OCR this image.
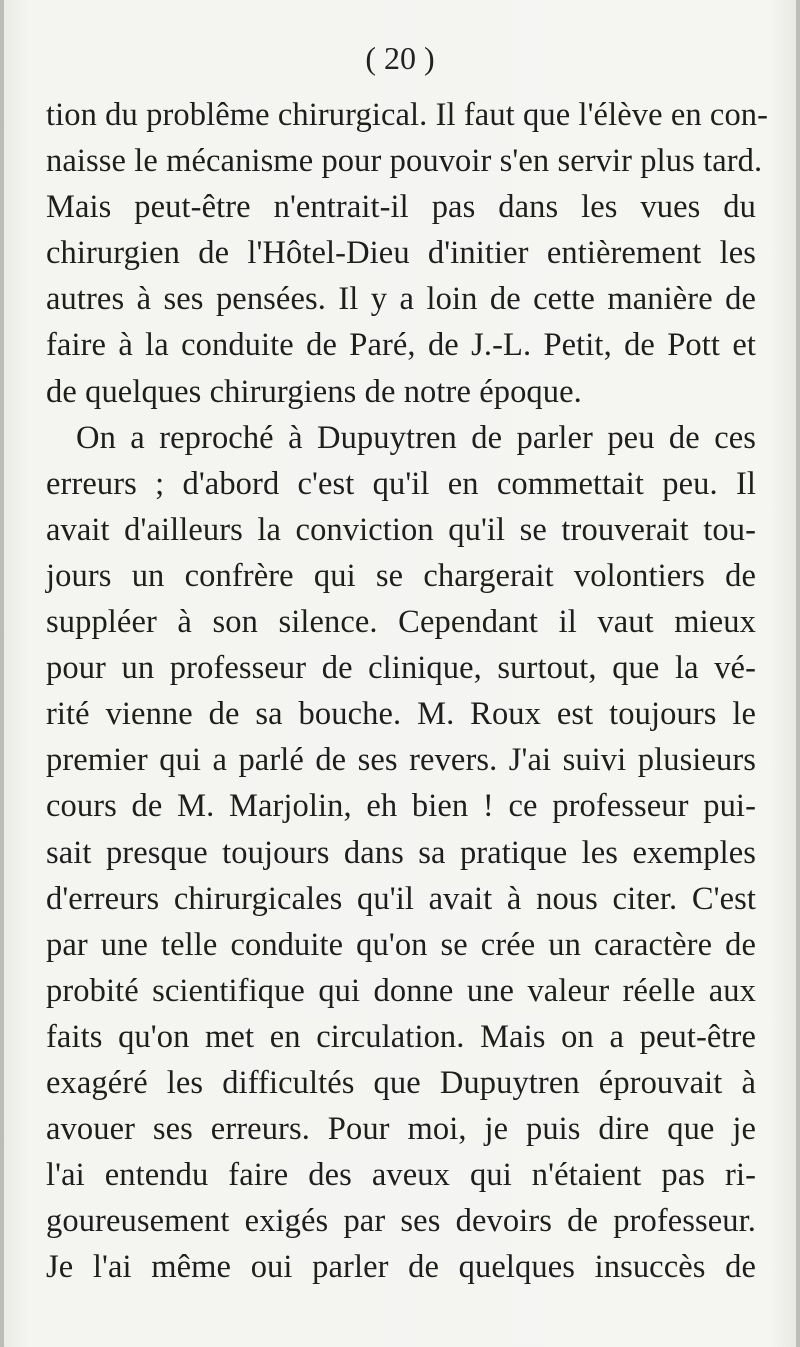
( 20 )
tion du problême chirurgical. Il faut que l'élève en con-
naisse le mécanisme pour pouvoir s'en servir plus tard.
Mais peut-être n'entrait-il pas dans les vues du
chirurgien de l'Hôtel-Dieu d'initier entièrement les
autres à ses pensées. Il y a loin de cette manière de
faire à la conduite de Paré, de J.-L. Petit, de Pott et
de quelques chirurgiens de notre époque.
On a reproché à Dupuytren de parler peu de ces
erreurs ; d'abord c'est qu'il en commettait peu. Il
avait d'ailleurs la conviction qu'il se trouverait tou-
jours un confrère qui se chargerait volontiers de
suppléer à son silence. Cependant il vaut mieux
pour un professeur de clinique, surtout, que la vé-
rité vienne de sa bouche. M. Roux est toujours le
premier qui a parlé de ses revers. J'ai suivi plusieurs
cours de M. Marjolin, eh bien ! ce professeur pui-
sait presque toujours dans sa pratique les exemples
d'erreurs chirurgicales qu'il avait à nous citer. C'est
par une telle conduite qu'on se crée un caractère de
probité scientifique qui donne une valeur réelle aux
faits qu'on met en circulation. Mais on a peut-être
exagéré les difficultés que Dupuytren éprouvait à
avouer ses erreurs. Pour moi, je puis dire que je
l'ai entendu faire des aveux qui n'étaient pas ri-
goureusement exigés par ses devoirs de professeur.
Je l'ai même oui parler de quelques insuccès de
